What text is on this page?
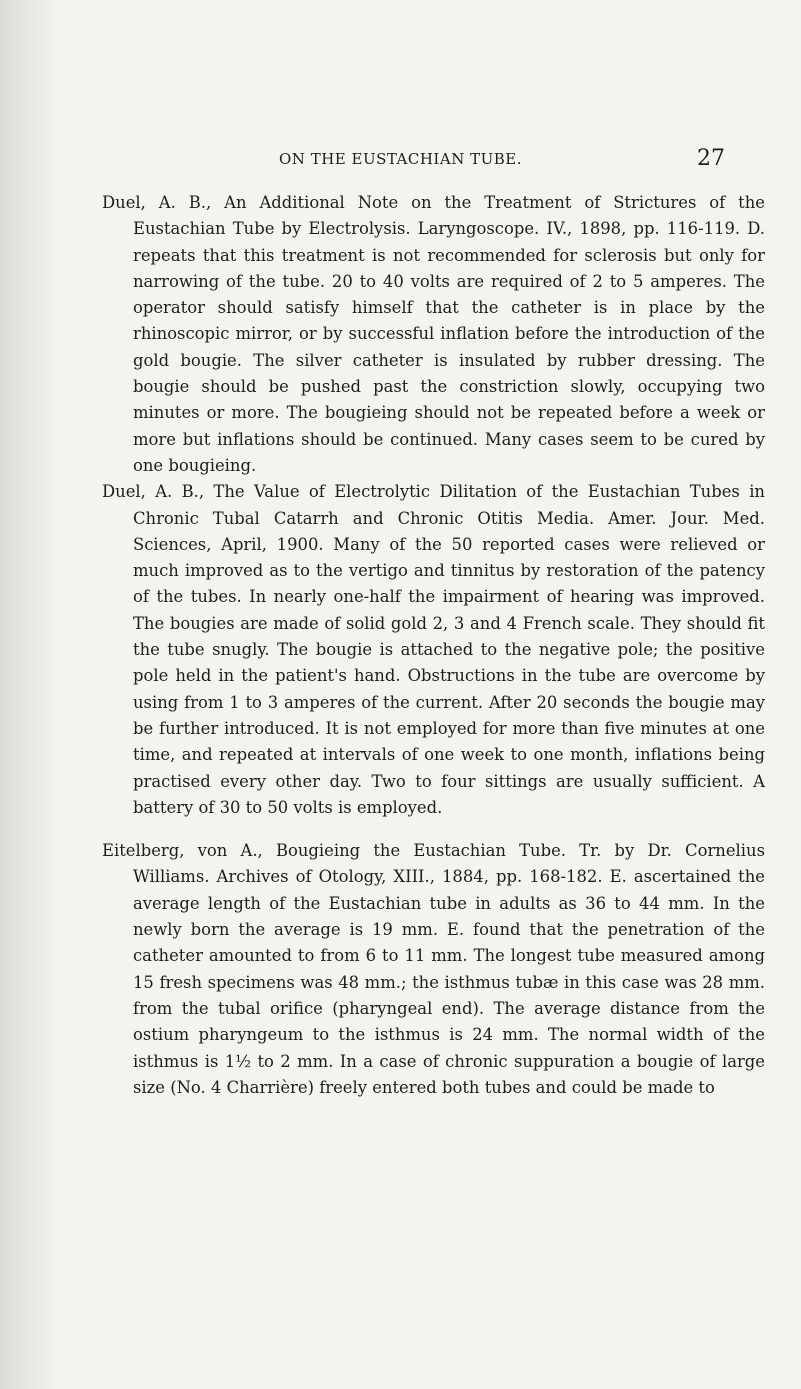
ON THE EUSTACHIAN TUBE.	27

Duel, A. B., An Additional Note on the Treatment of Strictures of the Eustachian Tube by Electrolysis. Laryngoscope. IV., 1898, pp. 116-119. D. repeats that this treatment is not recommended for sclerosis but only for narrowing of the tube. 20 to 40 volts are required of 2 to 5 amperes. The operator should satisfy himself that the catheter is in place by the rhinoscopic mirror, or by successful inflation before the introduction of the gold bougie. The silver catheter is insulated by rubber dressing. The bougie should be pushed past the constriction slowly, occupying two minutes or more. The bougieing should not be repeated before a week or more but inflations should be continued. Many cases seem to be cured by one bougieing.

Duel, A. B., The Value of Electrolytic Dilitation of the Eustachian Tubes in Chronic Tubal Catarrh and Chronic Otitis Media. Amer. Jour. Med. Sciences, April, 1900. Many of the 50 reported cases were relieved or much improved as to the vertigo and tinnitus by restoration of the patency of the tubes. In nearly one-half the impairment of hearing was improved. The bougies are made of solid gold 2, 3 and 4 French scale. They should fit the tube snugly. The bougie is attached to the negative pole; the positive pole held in the patient's hand. Obstructions in the tube are overcome by using from 1 to 3 amperes of the current. After 20 seconds the bougie may be further introduced. It is not employed for more than five minutes at one time, and repeated at intervals of one week to one month, inflations being practised every other day. Two to four sittings are usually sufficient. A battery of 30 to 50 volts is employed.

Eitelberg, von A., Bougieing the Eustachian Tube. Tr. by Dr. Cornelius Williams. Archives of Otology, XIII., 1884, pp. 168-182. E. ascertained the average length of the Eustachian tube in adults as 36 to 44 mm. In the newly born the average is 19 mm. E. found that the penetration of the catheter amounted to from 6 to 11 mm. The longest tube measured among 15 fresh specimens was 48 mm.; the isthmus tubæ in this case was 28 mm. from the tubal orifice (pharyngeal end). The average distance from the ostium pharyngeum to the isthmus is 24 mm. The normal width of the isthmus is 1½ to 2 mm. In a case of chronic suppuration a bougie of large size (No. 4 Charrière) freely entered both tubes and could be made to
